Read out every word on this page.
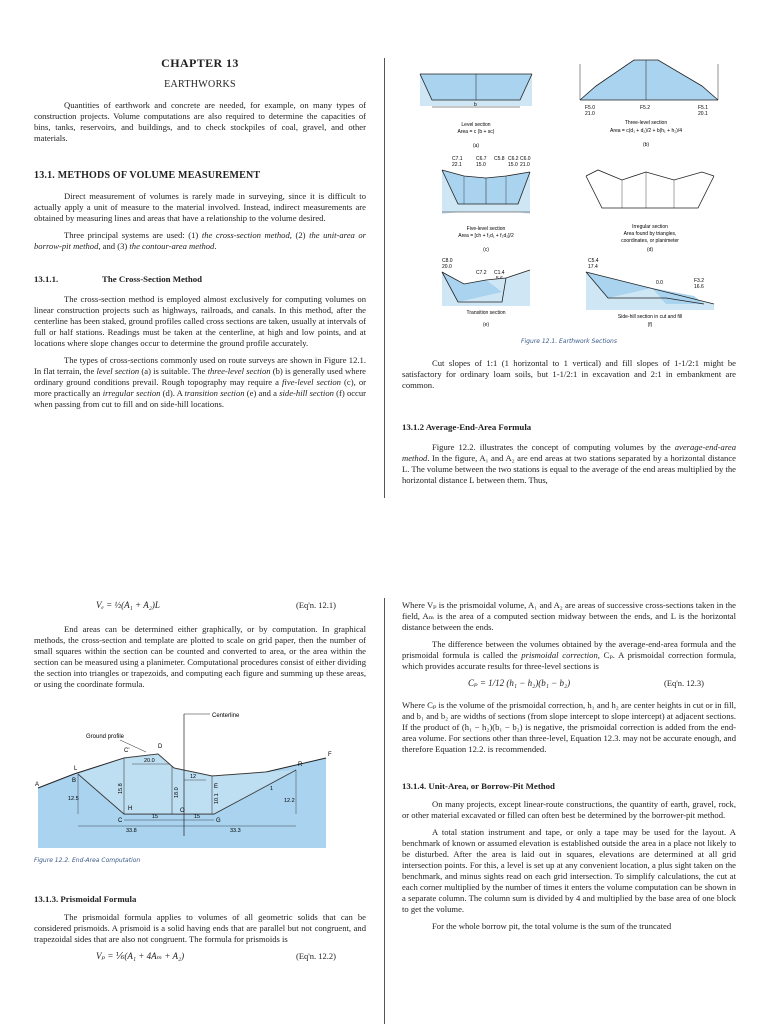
CHAPTER 13
EARTHWORKS

Quantities of earthwork and concrete are needed, for example, on many types of construction projects. Volume computations are also required to determine the capacities of bins, tanks, reservoirs, and buildings, and to check stockpiles of coal, gravel, and other materials.

13.1. METHODS OF VOLUME MEASUREMENT

Direct measurement of volumes is rarely made in surveying, since it is difficult to actually apply a unit of measure to the material involved. Instead, indirect measurements are obtained by measuring lines and areas that have a relationship to the volume desired.

Three principal systems are used: (1) the cross-section method, (2) the unit-area or borrow-pit method, and (3) the contour-area method.

13.1.1.	The Cross-Section Method

The cross-section method is employed almost exclusively for computing volumes on linear construction projects such as highways, railroads, and canals. In this method, after the centerline has been staked, ground profiles called cross sections are taken, usually at intervals of full or half stations. Readings must be taken at the centerline, at high and low points, and at locations where slope changes occur to determine the ground profile accurately.

The types of cross-sections commonly used on route surveys are shown in Figure 12.1. In flat terrain, the level section (a) is suitable. The three-level section (b) is generally used where ordinary ground conditions prevail. Rough topography may require a five-level section (c), or more practically an irregular section (d). A transition section (e) and a side-hill section (f) occur when passing from cut to fill and on side-hill locations.

b
Level section
Area = c (b + sc)
(a)
F5.0
21.0
F5.2	F5.1
20.1
Three-level section
Area = c(d₁ + d₂)/2 + b(h₁ + h₂)/4
(b)
C7.1
22.1
C6.7
15.0
C5.8 C6.2
15.0
C6.0
21.0
Five-level section
Area = [ch + f₁d₁ + f₂d₂]/2
(c)
Irregular section
Area found by triangles,
coordinates, or planimeter
(d)
C8.0
20.0
C7.2 C1.4
Transition section
(e)
C5.4
17.4
0.0	F3.2
16.6
Side-hill section in cut and fill
(f)
Figure 12.1. Earthwork Sections

Cut slopes of 1:1 (1 horizontal to 1 vertical) and fill slopes of 1-1/2:1 might be satisfactory for ordinary loam soils, but 1-1/2:1 in excavation and 2:1 in embankment are common.

13.1.2 Average-End-Area Formula

Figure 12.2. illustrates the concept of computing volumes by the average-end-area method. In the figure, A₁ and A₂ are end areas at two stations separated by a horizontal distance L. The volume between the two stations is equal to the average of the end areas multiplied by the horizontal distance L between them. Thus,

Vₑ = ½(A₁ + A₂)L	(Eq'n. 12.1)

End areas can be determined either graphically, or by computation. In graphical methods, the cross-section and template are plotted to scale on grid paper, then the number of small squares within the section can be counted and converted to area, or the area within the section can be measured using a planimeter. Computational procedures consist of either dividing the section into triangles or trapezoids, and computing each figure and summing up these areas, or using the coordinate formula.

Centerline
Ground profile
20.0
12
15	15
33.8	33.3
12.5
15.8	18.0
10.1	12.2
1
A
B
C
D
E
F
G
H
L
R
O
C'
Figure 12.2. End-Area Computation
13.1.3. Prismoidal Formula

The prismoidal formula applies to volumes of all geometric solids that can be considered prismoids. A prismoid is a solid having ends that are parallel but not congruent, and trapezoidal sides that are also not congruent. The formula for prismoids is

Vₚ = ⅙(A₁ + 4Aₘ + A₂)	(Eq'n. 12.2)

Where Vₚ is the prismoidal volume, A₁ and A₂ are areas of successive cross-sections taken in the field, Aₘ is the area of a computed section midway between the ends, and L is the horizontal distance between the ends.

The difference between the volumes obtained by the average-end-area formula and the prismoidal formula is called the prismoidal correction, Cₚ. A prismoidal correction formula, which provides accurate results for three-level sections is

Cₚ = 1/12 (h₁ − h₂)(b₁ − b₂)	(Eq'n. 12.3)

Where Cₚ is the volume of the prismoidal correction, h₁ and h₂ are center heights in cut or in fill, and b₁ and b₂ are widths of sections (from slope intercept to slope intercept) at adjacent sections. If the product of (h₁ − h₂)(b₁ − b₂) is negative, the prismoidal correction is added from the end-area volume. For sections other than three-level, Equation 12.3. may not be accurate enough, and therefore Equation 12.2. is recommended.

13.1.4. Unit-Area, or Borrow-Pit Method

On many projects, except linear-route constructions, the quantity of earth, gravel, rock, or other material excavated or filled can often best be determined by the borrower-pit method.

A total station instrument and tape, or only a tape may be used for the layout. A benchmark of known or assumed elevation is established outside the area in a place not likely to be disturbed. After the area is laid out in squares, elevations are determined at all grid intersection points. For this, a level is set up at any convenient location, a plus sight taken on the benchmark, and minus sights read on each grid intersection. To simplify calculations, the cut at each corner multiplied by the number of times it enters the volume computation can be shown in a separate column. The column sum is divided by 4 and multiplied by the base area of one block to get the volume.

For the whole borrow pit, the total volume is the sum of the truncated
